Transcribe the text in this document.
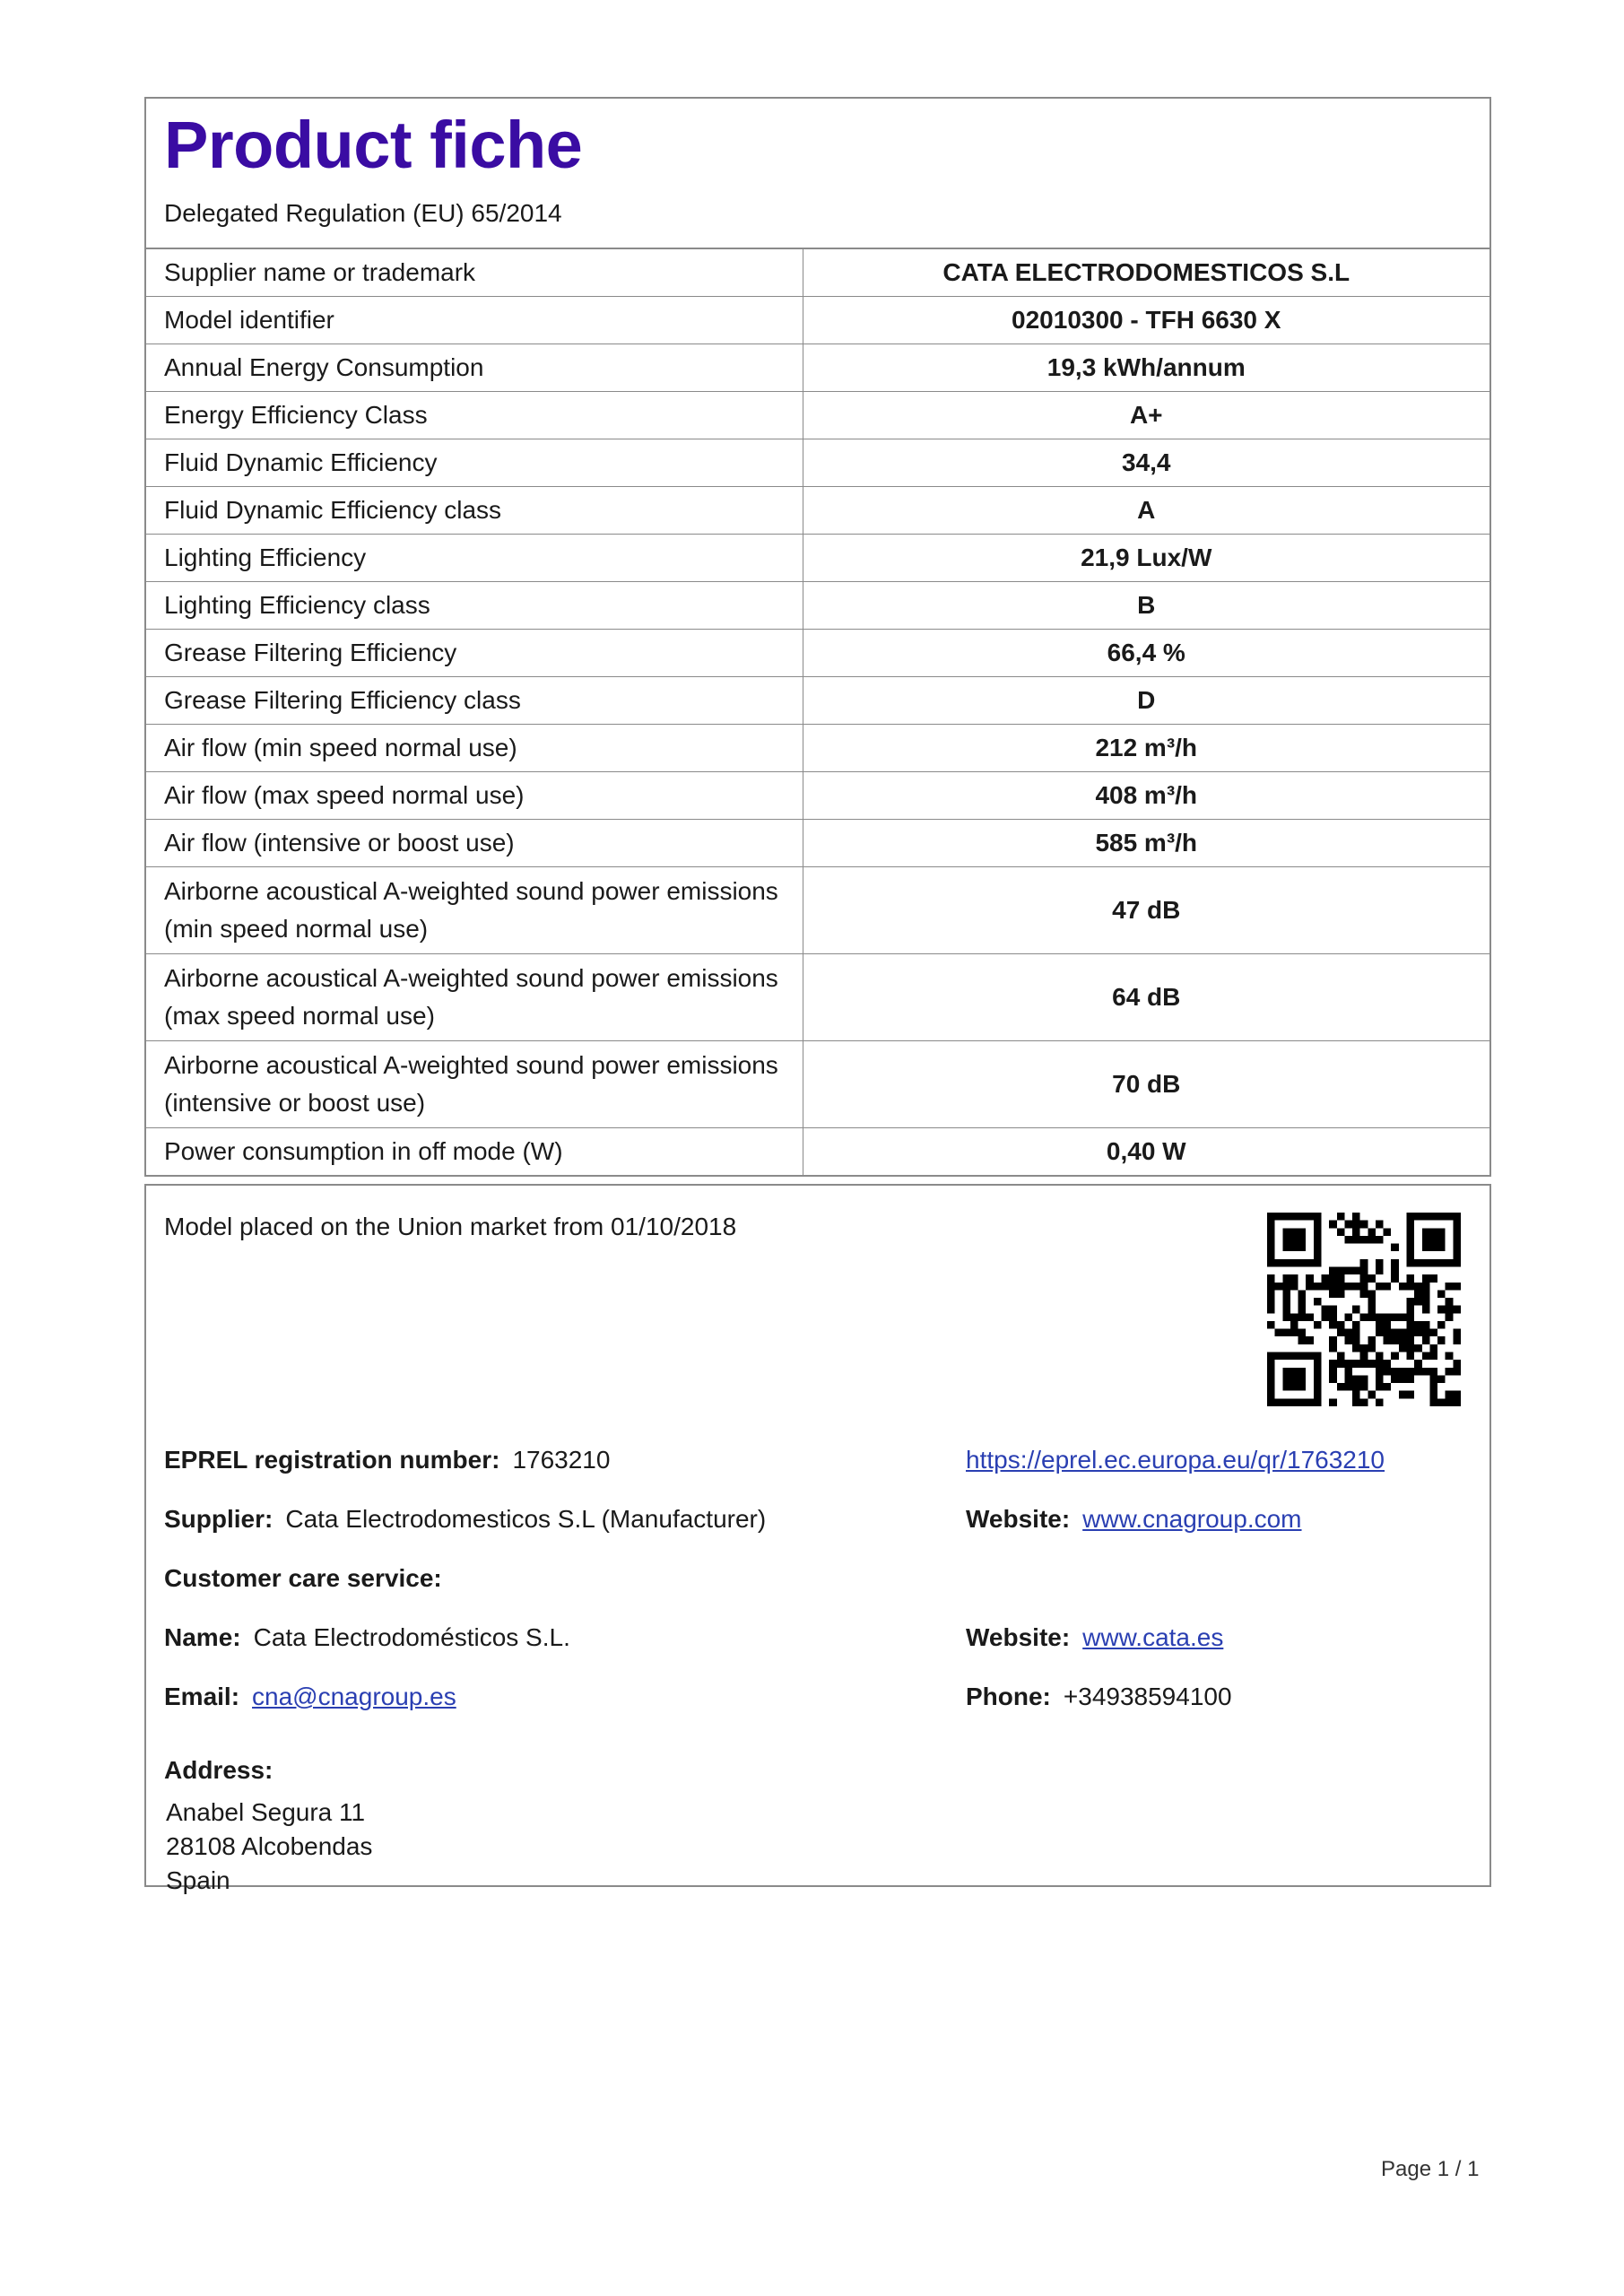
Product fiche
Delegated Regulation (EU) 65/2014
Supplier name or trademark	CATA ELECTRODOMESTICOS S.L

Model identifier	02010300 - TFH 6630 X

Annual Energy Consumption	19,3 kWh/annum

Energy Efficiency Class	A+

Fluid Dynamic Efficiency	34,4

Fluid Dynamic Efficiency class	A

Lighting Efficiency	21,9 Lux/W

Lighting Efficiency class	B

Grease Filtering Efficiency	66,4 %

Grease Filtering Efficiency class	D

Air flow (min speed normal use)	212 m³/h

Air flow (max speed normal use)	408 m³/h

Air flow (intensive or boost use)	585 m³/h

Airborne acoustical A-weighted sound power emissions
(min speed normal use)	47 dB

Airborne acoustical A-weighted sound power emissions
(max speed normal use)	64 dB

Airborne acoustical A-weighted sound power emissions
(intensive or boost use)	70 dB

Power consumption in off mode (W)	0,40 W
Model placed on the Union market from 01/10/2018
EPREL registration number: 1763210	https://eprel.ec.europa.eu/qr/1763210
Supplier: Cata Electrodomesticos S.L (Manufacturer)	Website: www.cnagroup.com
Customer care service:
Name: Cata Electrodomésticos S.L.	Website: www.cata.es
Email: cna@cnagroup.es	Phone: +34938594100
Address:
Anabel Segura 11
28108 Alcobendas
Spain
Page 1 / 1
